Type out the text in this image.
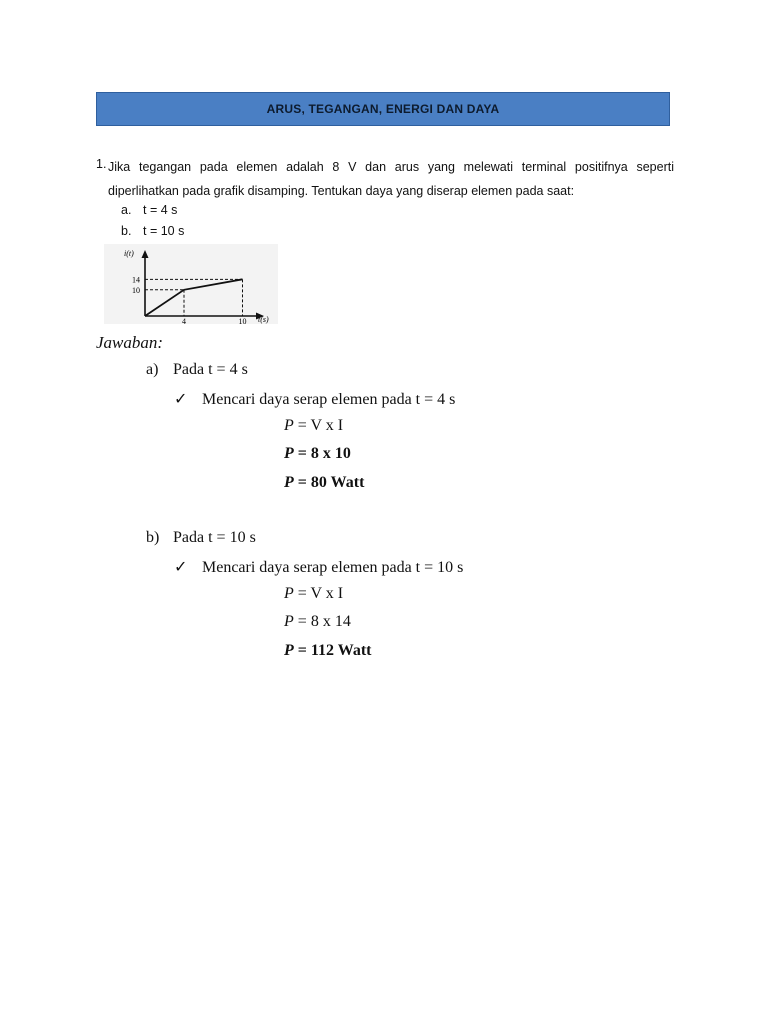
ARUS, TEGANGAN, ENERGI DAN DAYA
1. Jika tegangan pada elemen adalah 8 V dan arus yang melewati terminal positifnya seperti diperlihatkan pada grafik disamping. Tentukan daya yang diserap elemen pada saat:
a. t = 4 s
b. t = 10 s
14
10
4	10
i(t)
t(s)
Jawaban:
a) Pada t = 4 s
✓ Mencari daya serap elemen pada t = 4 s
P = V x I
P = 8 x 10
P = 80 Watt
b) Pada t = 10 s
✓ Mencari daya serap elemen pada t = 10 s
P = V x I
P = 8 x 14
P = 112 Watt
